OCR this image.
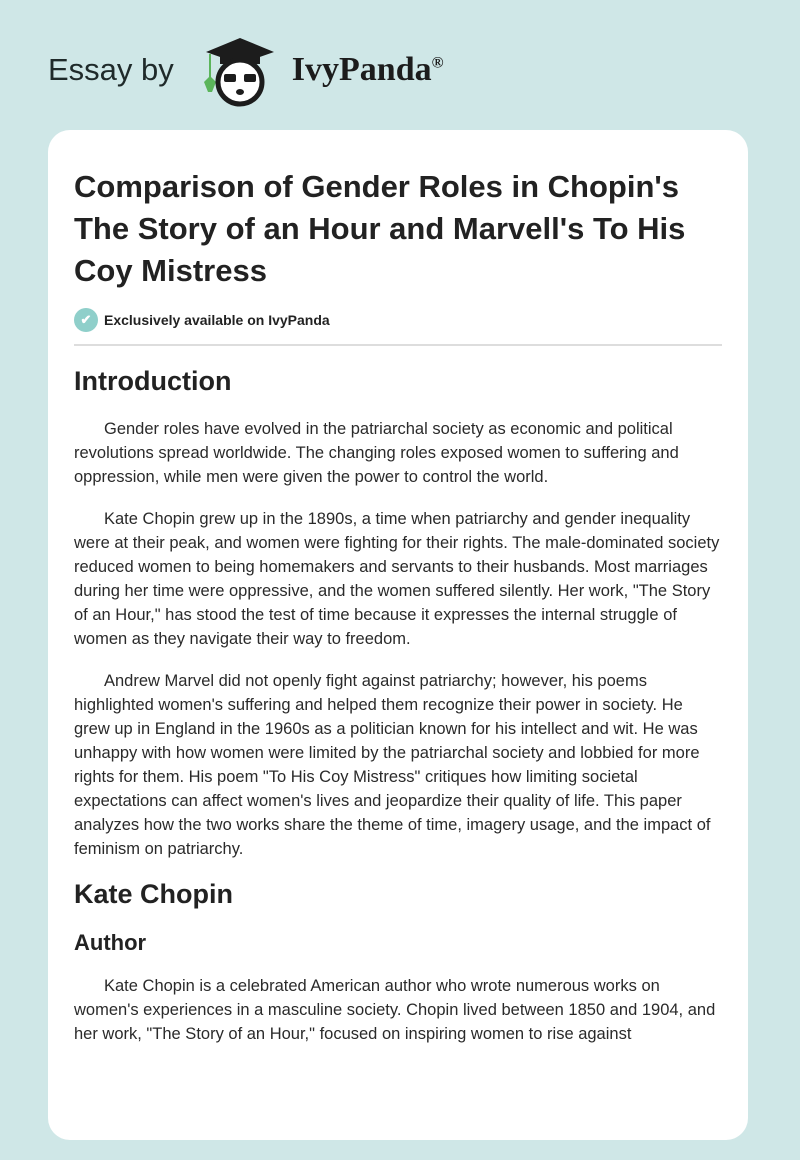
Essay by	IvyPanda®
Comparison of Gender Roles in Chopin's The Story of an Hour and Marvell's To His Coy Mistress
✔ Exclusively available on IvyPanda
Introduction

Gender roles have evolved in the patriarchal society as economic and political revolutions spread worldwide. The changing roles exposed women to suffering and oppression, while men were given the power to control the world.

Kate Chopin grew up in the 1890s, a time when patriarchy and gender inequality were at their peak, and women were fighting for their rights. The male-dominated society reduced women to being homemakers and servants to their husbands. Most marriages during her time were oppressive, and the women suffered silently. Her work, "The Story of an Hour," has stood the test of time because it expresses the internal struggle of women as they navigate their way to freedom.

Andrew Marvel did not openly fight against patriarchy; however, his poems highlighted women's suffering and helped them recognize their power in society. He grew up in England in the 1960s as a politician known for his intellect and wit. He was unhappy with how women were limited by the patriarchal society and lobbied for more rights for them. His poem "To His Coy Mistress" critiques how limiting societal expectations can affect women's lives and jeopardize their quality of life. This paper analyzes how the two works share the theme of time, imagery usage, and the impact of feminism on patriarchy.

Kate Chopin
Author

Kate Chopin is a celebrated American author who wrote numerous works on women's experiences in a masculine society. Chopin lived between 1850 and 1904, and her work, "The Story of an Hour," focused on inspiring women to rise against
